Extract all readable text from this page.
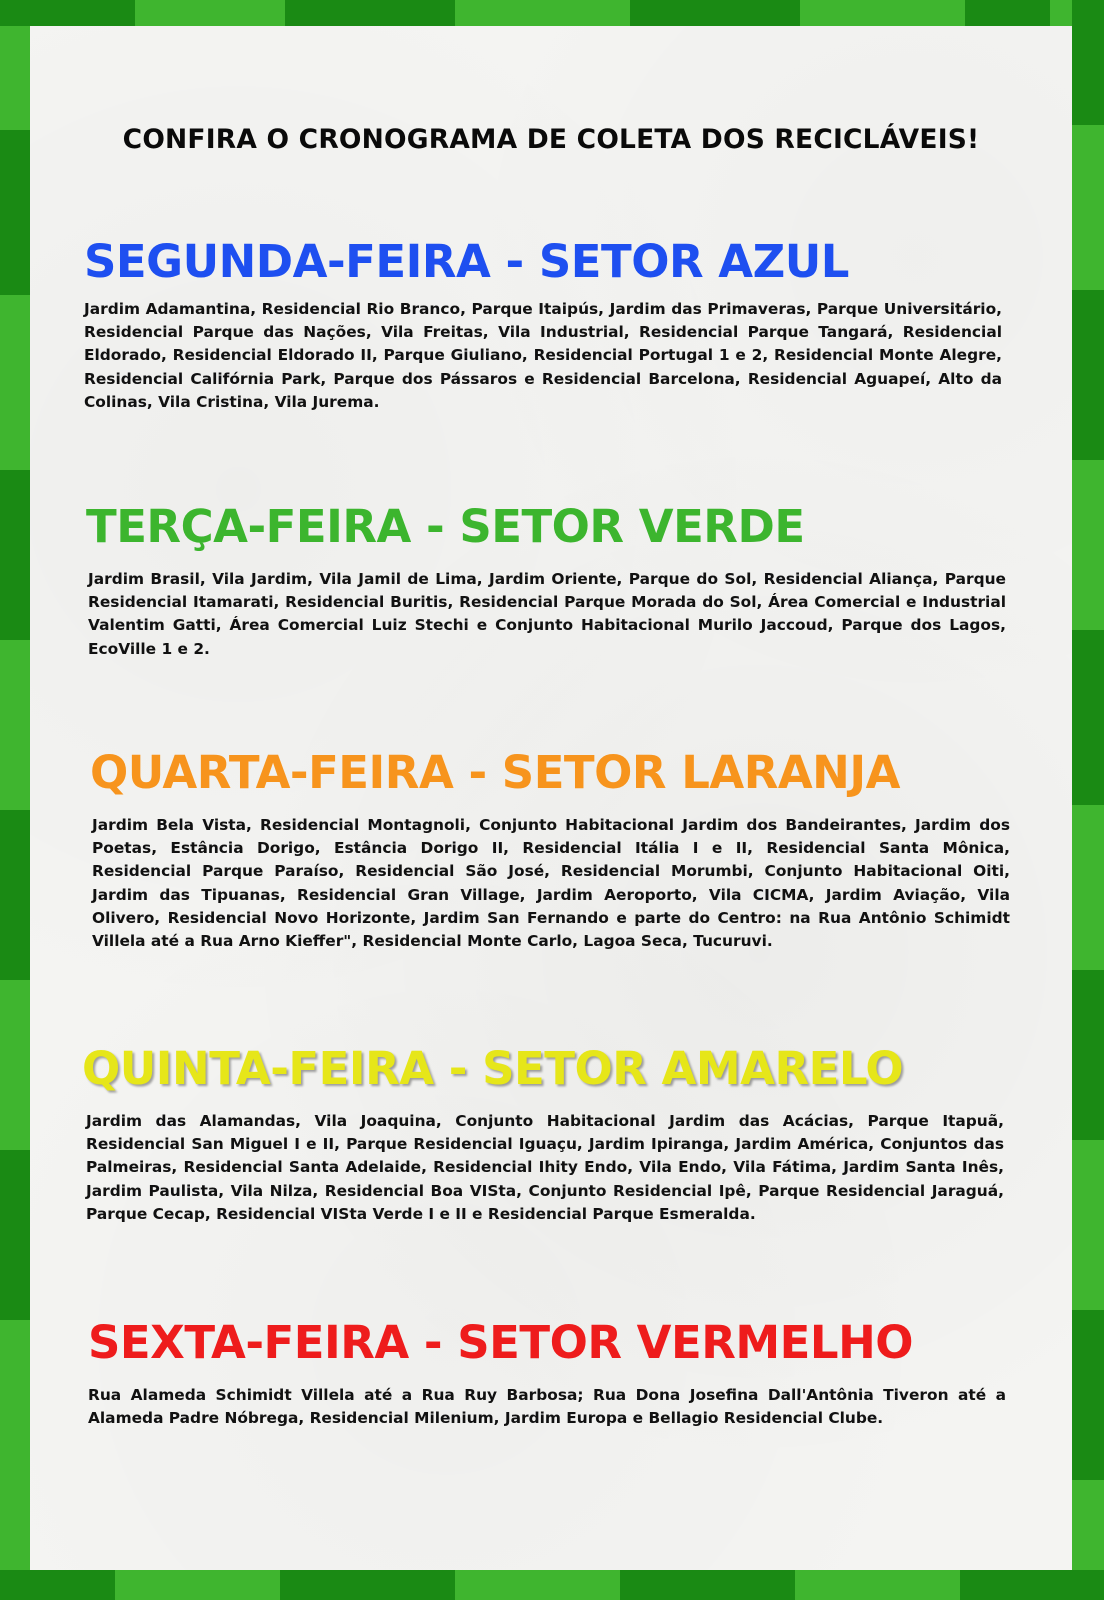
CONFIRA O CRONOGRAMA DE COLETA DOS RECICLÁVEIS!
SEGUNDA-FEIRA - SETOR AZUL

Jardim Adamantina, Residencial Rio Branco, Parque Itaipús, Jardim das Primaveras, Parque Universitário, Residencial Parque das Nações, Vila Freitas, Vila Industrial, Residencial Parque Tangará, Residencial Eldorado, Residencial Eldorado II, Parque Giuliano, Residencial Portugal 1 e 2, Residencial Monte Alegre, Residencial Califórnia Park, Parque dos Pássaros e Residencial Barcelona, Residencial Aguapeí, Alto da Colinas, Vila Cristina, Vila Jurema.

TERÇA-FEIRA - SETOR VERDE

Jardim Brasil, Vila Jardim, Vila Jamil de Lima, Jardim Oriente, Parque do Sol, Residencial Aliança, Parque Residencial Itamarati, Residencial Buritis, Residencial Parque Morada do Sol, Área Comercial e Industrial Valentim Gatti, Área Comercial Luiz Stechi e Conjunto Habitacional Murilo Jaccoud, Parque dos Lagos, EcoVille 1 e 2.

QUARTA-FEIRA - SETOR LARANJA

Jardim Bela Vista, Residencial Montagnoli, Conjunto Habitacional Jardim dos Bandeirantes, Jardim dos Poetas, Estância Dorigo, Estância Dorigo II, Residencial Itália I e II, Residencial Santa Mônica, Residencial Parque Paraíso, Residencial São José, Residencial Morumbi, Conjunto Habitacional Oiti, Jardim das Tipuanas, Residencial Gran Village, Jardim Aeroporto, Vila CICMA, Jardim Aviação, Vila Olivero, Residencial Novo Horizonte, Jardim San Fernando e parte do Centro: na Rua Antônio Schimidt Villela até a Rua Arno Kieffer", Residencial Monte Carlo, Lagoa Seca, Tucuruvi.

QUINTA-FEIRA - SETOR AMARELO

Jardim das Alamandas, Vila Joaquina, Conjunto Habitacional Jardim das Acácias, Parque Itapuã, Residencial San Miguel I e II, Parque Residencial Iguaçu, Jardim Ipiranga, Jardim América, Conjuntos das Palmeiras, Residencial Santa Adelaide, Residencial Ihity Endo, Vila Endo, Vila Fátima, Jardim Santa Inês, Jardim Paulista, Vila Nilza, Residencial Boa VISta, Conjunto Residencial Ipê, Parque Residencial Jaraguá, Parque Cecap, Residencial VISta Verde I e II e Residencial Parque Esmeralda.

SEXTA-FEIRA - SETOR VERMELHO

Rua Alameda Schimidt Villela até a Rua Ruy Barbosa; Rua Dona Josefina Dall'Antônia Tiveron até a Alameda Padre Nóbrega, Residencial Milenium, Jardim Europa e Bellagio Residencial Clube.
